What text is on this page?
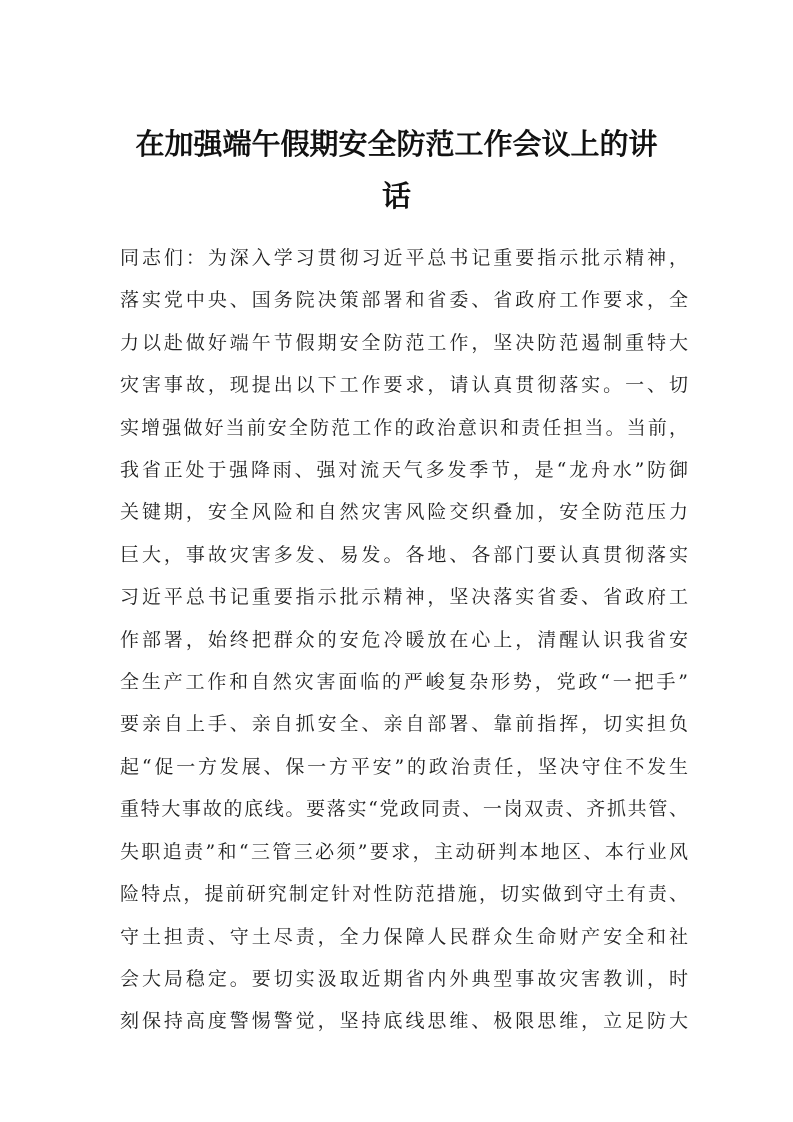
在加强端午假期安全防范工作会议上的讲
话
同志们：为深入学习贯彻习近平总书记重要指示批示精神，
落实党中央、国务院决策部署和省委、省政府工作要求，全
力以赴做好端午节假期安全防范工作，坚决防范遏制重特大
灾害事故，现提出以下工作要求，请认真贯彻落实。一、切
实增强做好当前安全防范工作的政治意识和责任担当。当前，
我省正处于强降雨、强对流天气多发季节，是“龙舟水”防御
关键期，安全风险和自然灾害风险交织叠加，安全防范压力
巨大，事故灾害多发、易发。各地、各部门要认真贯彻落实
习近平总书记重要指示批示精神，坚决落实省委、省政府工
作部署，始终把群众的安危冷暖放在心上，清醒认识我省安
全生产工作和自然灾害面临的严峻复杂形势，党政“一把手”
要亲自上手、亲自抓安全、亲自部署、靠前指挥，切实担负
起“促一方发展、保一方平安”的政治责任，坚决守住不发生
重特大事故的底线。要落实“党政同责、一岗双责、齐抓共管、
失职追责”和“三管三必须”要求，主动研判本地区、本行业风
险特点，提前研究制定针对性防范措施，切实做到守土有责、
守土担责、守土尽责，全力保障人民群众生命财产安全和社
会大局稳定。要切实汲取近期省内外典型事故灾害教训，时
刻保持高度警惕警觉，坚持底线思维、极限思维，立足防大
